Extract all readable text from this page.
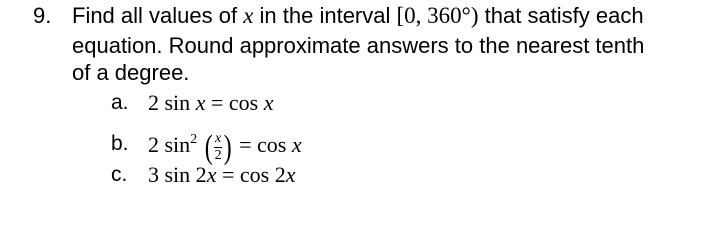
9. Find all values of x in the interval [0, 360°) that satisfy each
equation. Round approximate answers to the nearest tenth
of a degree.
a. 2 sin x = cos x
b. 2 $\sin^2$ ( $\frac{x}{2}$ ) = cos x
c. 3 sin 2x = cos 2x
